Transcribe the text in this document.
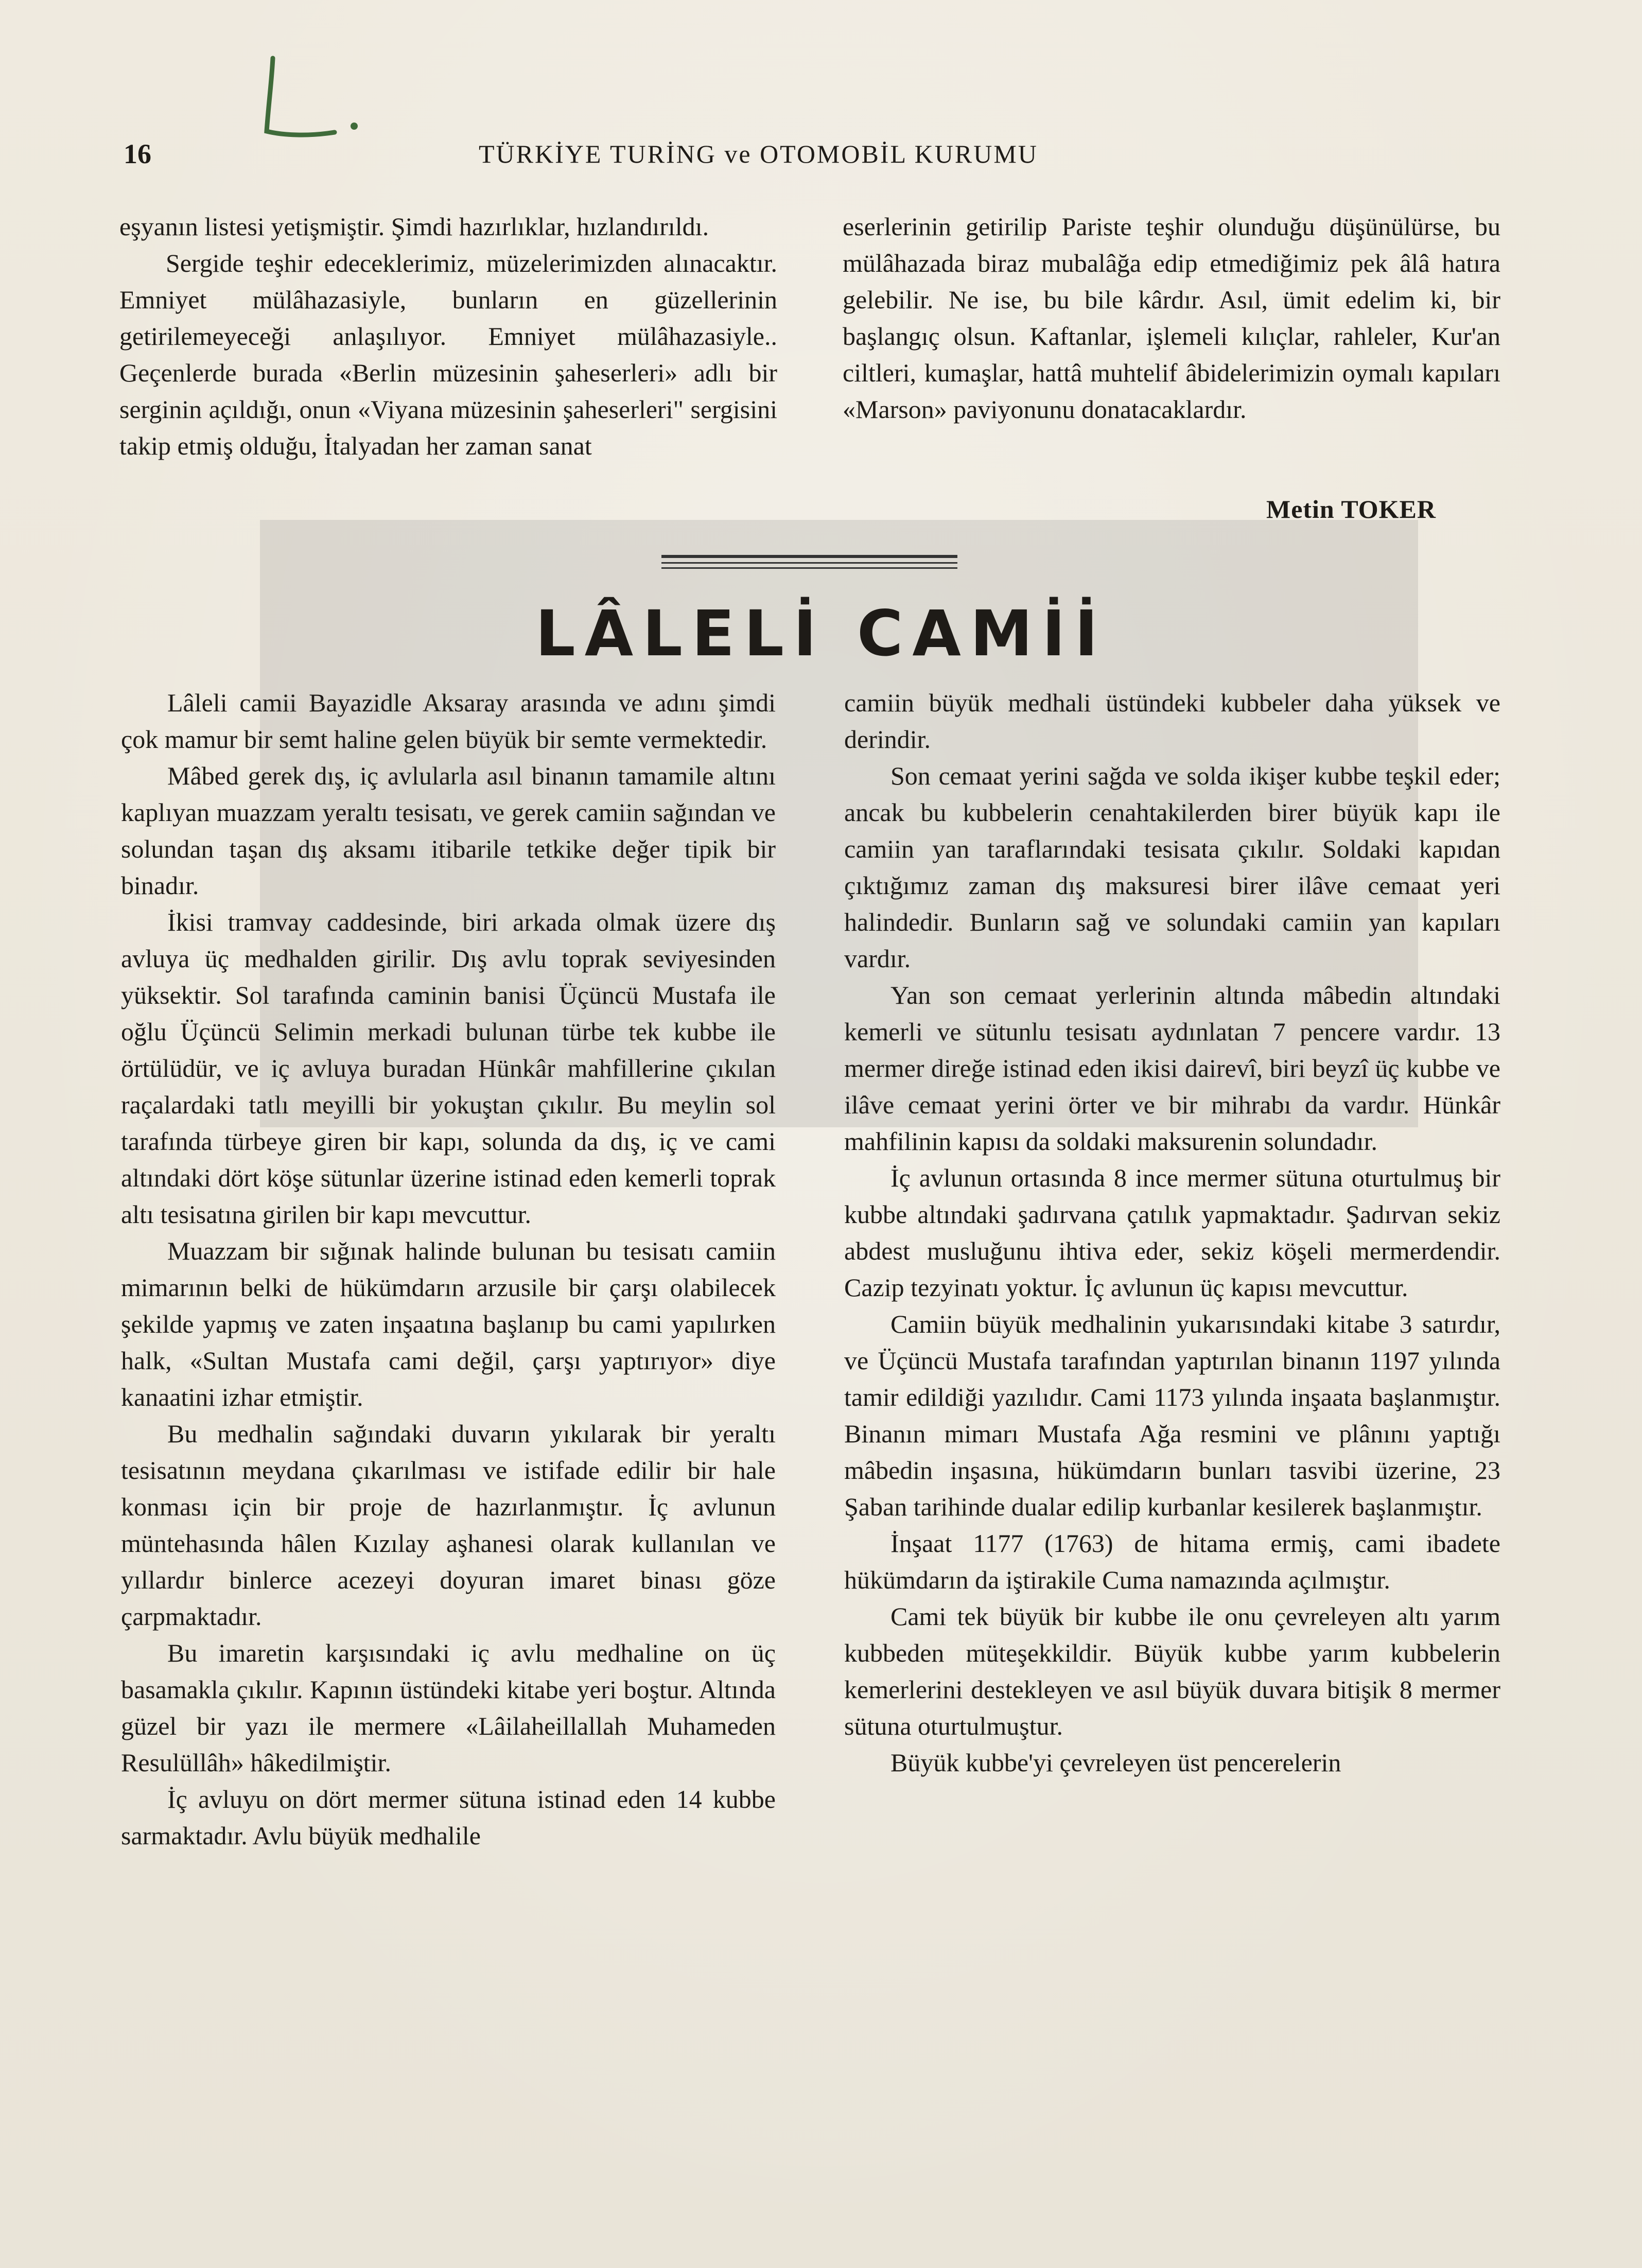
16	TÜRKİYE TURİNG ve OTOMOBİL KURUMU

eşyanın listesi yetişmiştir. Şimdi hazırlıklar, hızlandırıldı.

Sergide teşhir edeceklerimiz, müzelerimizden alınacaktır. Emniyet mülâhazasiyle, bunların en güzellerinin getirilemeyeceği anlaşılıyor. Emniyet mülâhazasiyle.. Geçenlerde burada «Berlin müzesinin şaheserleri» adlı bir serginin açıldığı, onun «Viyana müzesinin şaheserleri" sergisini takip etmiş olduğu, İtalyadan her zaman sanat

eserlerinin getirilip Pariste teşhir olunduğu düşünülürse, bu mülâhazada biraz mubalâğa edip etmediğimiz pek âlâ hatıra gelebilir. Ne ise, bu bile kârdır. Asıl, ümit edelim ki, bir başlangıç olsun. Kaftanlar, işlemeli kılıçlar, rahleler, Kur'an ciltleri, kumaşlar, hattâ muhtelif âbidelerimizin oymalı kapıları «Marson» paviyonunu donatacaklardır.

Metin TOKER
LÂLELİ CAMİİ

Lâleli camii Bayazidle Aksaray arasında ve adını şimdi çok mamur bir semt haline gelen büyük bir semte vermektedir.

Mâbed gerek dış, iç avlularla asıl binanın tamamile altını kaplıyan muazzam yeraltı tesisatı, ve gerek camiin sağından ve solundan taşan dış aksamı itibarile tetkike değer tipik bir binadır.

İkisi tramvay caddesinde, biri arkada olmak üzere dış avluya üç medhalden girilir. Dış avlu toprak seviyesinden yüksektir. Sol tarafında caminin banisi Üçüncü Mustafa ile oğlu Üçüncü Selimin merkadi bulunan türbe tek kubbe ile örtülüdür, ve iç avluya buradan Hünkâr mahfillerine çıkılan raçalardaki tatlı meyilli bir yokuştan çıkılır. Bu meylin sol tarafında türbeye giren bir kapı, solunda da dış, iç ve cami altındaki dört köşe sütunlar üzerine istinad eden kemerli toprak altı tesisatına girilen bir kapı mevcuttur.

Muazzam bir sığınak halinde bulunan bu tesisatı camiin mimarının belki de hükümdarın arzusile bir çarşı olabilecek şekilde yapmış ve zaten inşaatına başlanıp bu cami yapılırken halk, «Sultan Mustafa cami değil, çarşı yaptırıyor» diye kanaatini izhar etmiştir.

Bu medhalin sağındaki duvarın yıkılarak bir yeraltı tesisatının meydana çıkarılması ve istifade edilir bir hale konması için bir proje de hazırlanmıştır. İç avlunun müntehasında hâlen Kızılay aşhanesi olarak kullanılan ve yıllardır binlerce acezeyi doyuran imaret binası göze çarpmaktadır.

Bu imaretin karşısındaki iç avlu medhaline on üç basamakla çıkılır. Kapının üstündeki kitabe yeri boştur. Altında güzel bir yazı ile mermere «Lâilaheillallah Muhameden Resulüllâh» hâkedilmiştir.

İç avluyu on dört mermer sütuna istinad eden 14 kubbe sarmaktadır. Avlu büyük medhalile

camiin büyük medhali üstündeki kubbeler daha yüksek ve derindir.

Son cemaat yerini sağda ve solda ikişer kubbe teşkil eder; ancak bu kubbelerin cenahtakilerden birer büyük kapı ile camiin yan taraflarındaki tesisata çıkılır. Soldaki kapıdan çıktığımız zaman dış maksuresi birer ilâve cemaat yeri halindedir. Bunların sağ ve solundaki camiin yan kapıları vardır.

Yan son cemaat yerlerinin altında mâbedin altındaki kemerli ve sütunlu tesisatı aydınlatan 7 pencere vardır. 13 mermer direğe istinad eden ikisi dairevî, biri beyzî üç kubbe ve ilâve cemaat yerini örter ve bir mihrabı da vardır. Hünkâr mahfilinin kapısı da soldaki maksurenin solundadır.

İç avlunun ortasında 8 ince mermer sütuna oturtulmuş bir kubbe altındaki şadırvana çatılık yapmaktadır. Şadırvan sekiz abdest musluğunu ihtiva eder, sekiz köşeli mermerdendir. Cazip tezyinatı yoktur. İç avlunun üç kapısı mevcuttur.

Camiin büyük medhalinin yukarısındaki kitabe 3 satırdır, ve Üçüncü Mustafa tarafından yaptırılan binanın 1197 yılında tamir edildiği yazılıdır. Cami 1173 yılında inşaata başlanmıştır. Binanın mimarı Mustafa Ağa resmini ve plânını yaptığı mâbedin inşasına, hükümdarın bunları tasvibi üzerine, 23 Şaban tarihinde dualar edilip kurbanlar kesilerek başlanmıştır.

İnşaat 1177 (1763) de hitama ermiş, cami ibadete hükümdarın da iştirakile Cuma namazında açılmıştır.

Cami tek büyük bir kubbe ile onu çevreleyen altı yarım kubbeden müteşekkildir. Büyük kubbe yarım kubbelerin kemerlerini destekleyen ve asıl büyük duvara bitişik 8 mermer sütuna oturtulmuştur.

Büyük kubbe'yi çevreleyen üst pencerelerin
